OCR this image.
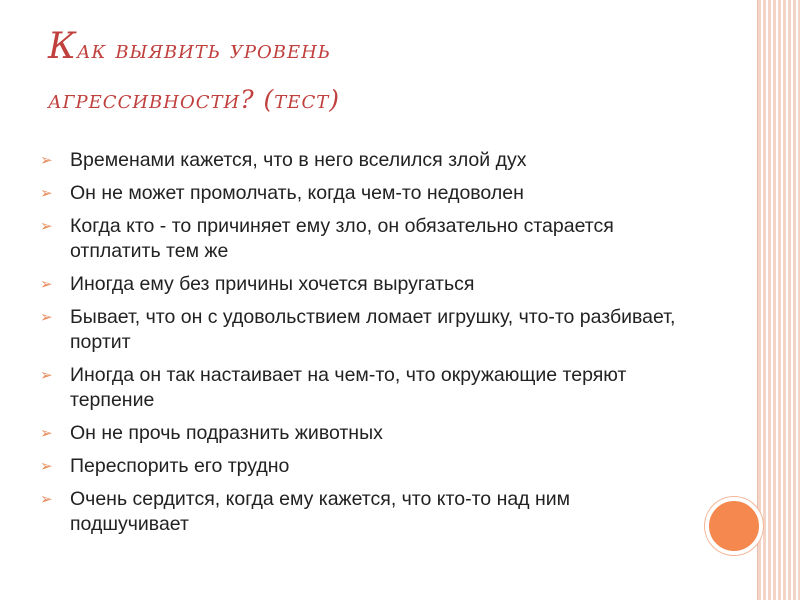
Как выявить уровень
агрессивности? (тест)
➢ Временами кажется, что в него вселился злой дух
➢ Он не может промолчать, когда чем-то недоволен
➢ Когда кто - то причиняет ему зло, он обязательно старается отплатить тем же
➢ Иногда ему без причины хочется выругаться
➢ Бывает, что он с удовольствием ломает игрушку, что-то разбивает, портит
➢ Иногда он так настаивает на чем-то, что окружающие теряют терпение
➢ Он не прочь подразнить животных
➢ Переспорить его трудно
➢ Очень сердится, когда ему кажется, что кто-то над ним подшучивает
